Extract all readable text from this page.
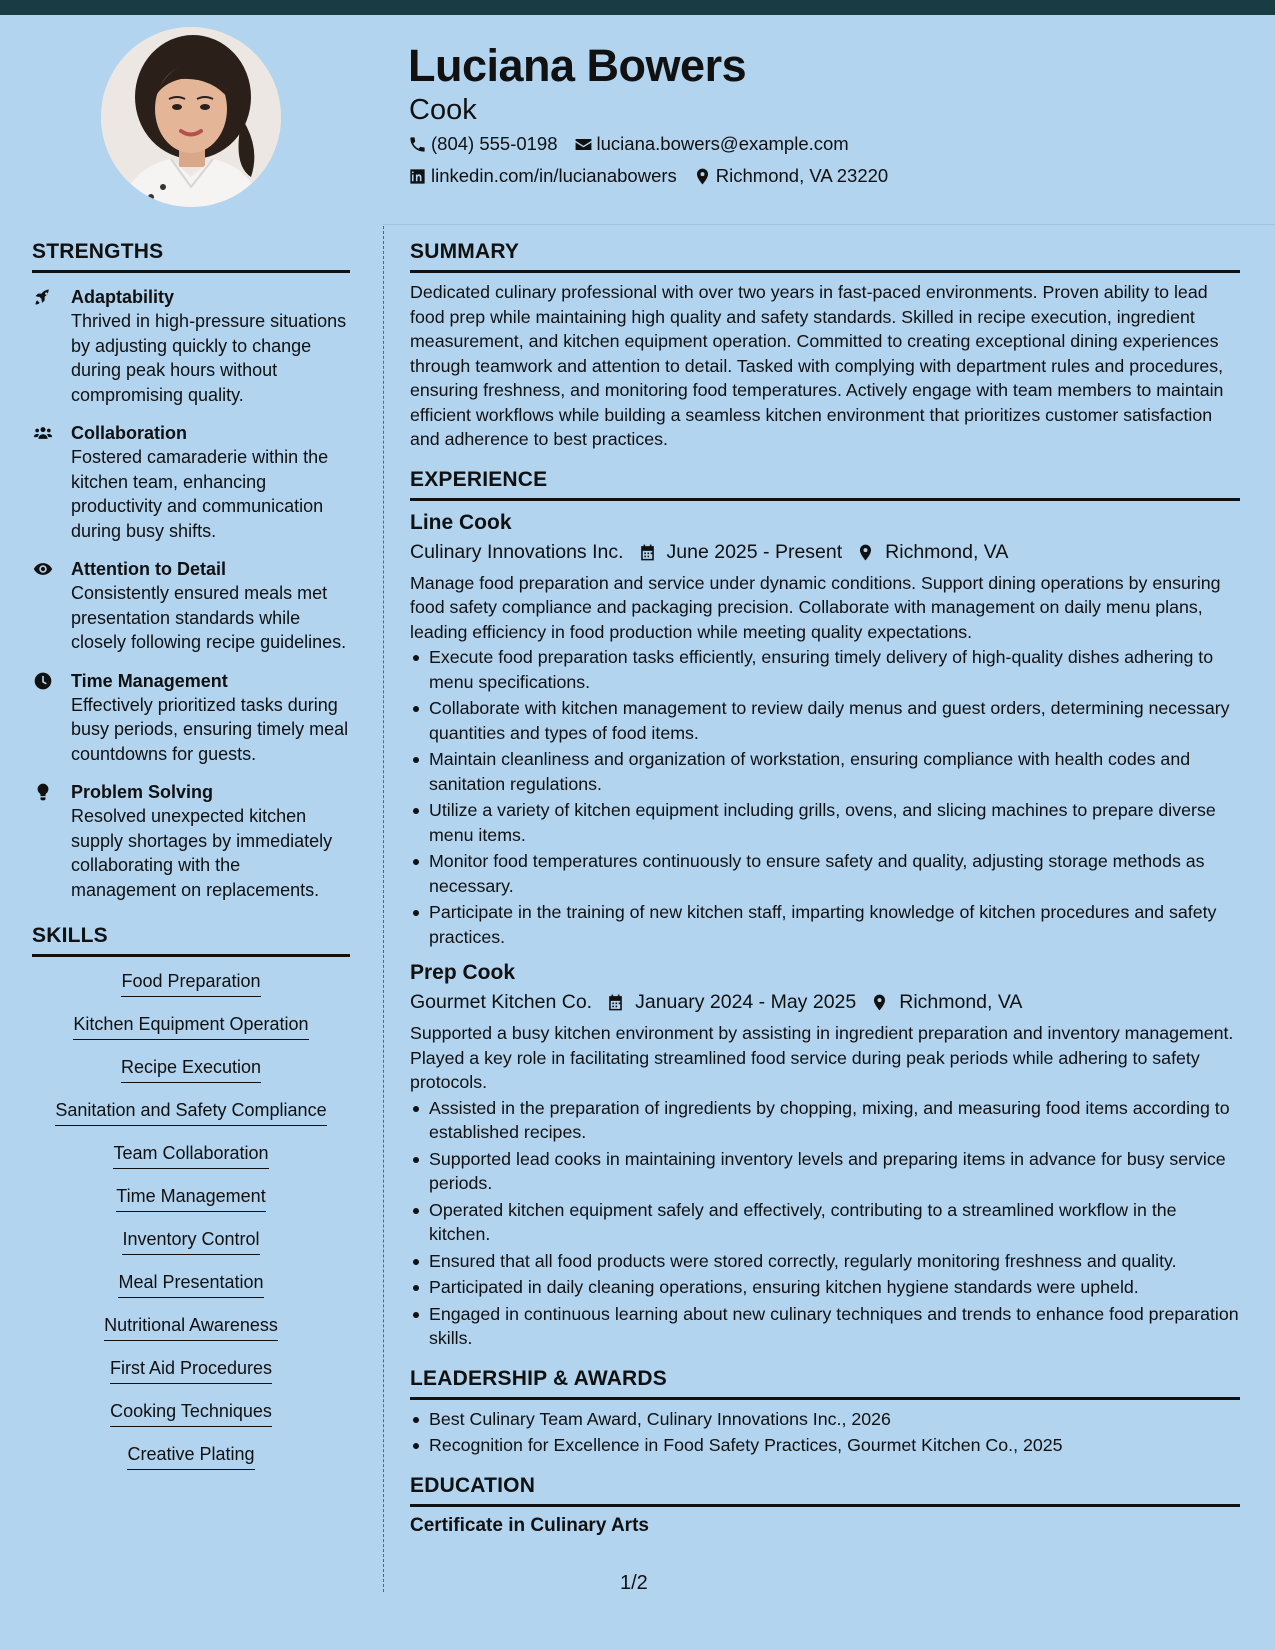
Luciana Bowers
Cook
(804) 555-0198 luciana.bowers@example.com
linkedin.com/in/lucianabowers Richmond, VA 23220
STRENGTHS
Adaptability
Thrived in high-pressure situations by adjusting quickly to change during peak hours without compromising quality.
Collaboration
Fostered camaraderie within the kitchen team, enhancing productivity and communication during busy shifts.
Attention to Detail
Consistently ensured meals met presentation standards while closely following recipe guidelines.
Time Management
Effectively prioritized tasks during busy periods, ensuring timely meal countdowns for guests.
Problem Solving
Resolved unexpected kitchen supply shortages by immediately collaborating with the management on replacements.
SKILLS
Food Preparation
Kitchen Equipment Operation
Recipe Execution
Sanitation and Safety Compliance
Team Collaboration
Time Management
Inventory Control
Meal Presentation
Nutritional Awareness
First Aid Procedures
Cooking Techniques
Creative Plating
SUMMARY

Dedicated culinary professional with over two years in fast-paced environments. Proven ability to lead food prep while maintaining high quality and safety standards. Skilled in recipe execution, ingredient measurement, and kitchen equipment operation. Committed to creating exceptional dining experiences through teamwork and attention to detail. Tasked with complying with department rules and procedures, ensuring freshness, and monitoring food temperatures. Actively engage with team members to maintain efficient workflows while building a seamless kitchen environment that prioritizes customer satisfaction and adherence to best practices.

EXPERIENCE
Line Cook
Culinary Innovations Inc. June 2025 - Present Richmond, VA

Manage food preparation and service under dynamic conditions. Support dining operations by ensuring food safety compliance and packaging precision. Collaborate with management on daily menu plans, leading efficiency in food production while meeting quality expectations.

Execute food preparation tasks efficiently, ensuring timely delivery of high-quality dishes adhering to menu specifications.
Collaborate with kitchen management to review daily menus and guest orders, determining necessary quantities and types of food items.
Maintain cleanliness and organization of workstation, ensuring compliance with health codes and sanitation regulations.
Utilize a variety of kitchen equipment including grills, ovens, and slicing machines to prepare diverse menu items.
Monitor food temperatures continuously to ensure safety and quality, adjusting storage methods as necessary.
Participate in the training of new kitchen staff, imparting knowledge of kitchen procedures and safety practices.
Prep Cook
Gourmet Kitchen Co. January 2024 - May 2025 Richmond, VA

Supported a busy kitchen environment by assisting in ingredient preparation and inventory management. Played a key role in facilitating streamlined food service during peak periods while adhering to safety protocols.

Assisted in the preparation of ingredients by chopping, mixing, and measuring food items according to established recipes.
Supported lead cooks in maintaining inventory levels and preparing items in advance for busy service periods.
Operated kitchen equipment safely and effectively, contributing to a streamlined workflow in the kitchen.
Ensured that all food products were stored correctly, regularly monitoring freshness and quality.
Participated in daily cleaning operations, ensuring kitchen hygiene standards were upheld.
Engaged in continuous learning about new culinary techniques and trends to enhance food preparation skills.
LEADERSHIP & AWARDS
Best Culinary Team Award, Culinary Innovations Inc., 2026
Recognition for Excellence in Food Safety Practices, Gourmet Kitchen Co., 2025
EDUCATION
Certificate in Culinary Arts
1/2
